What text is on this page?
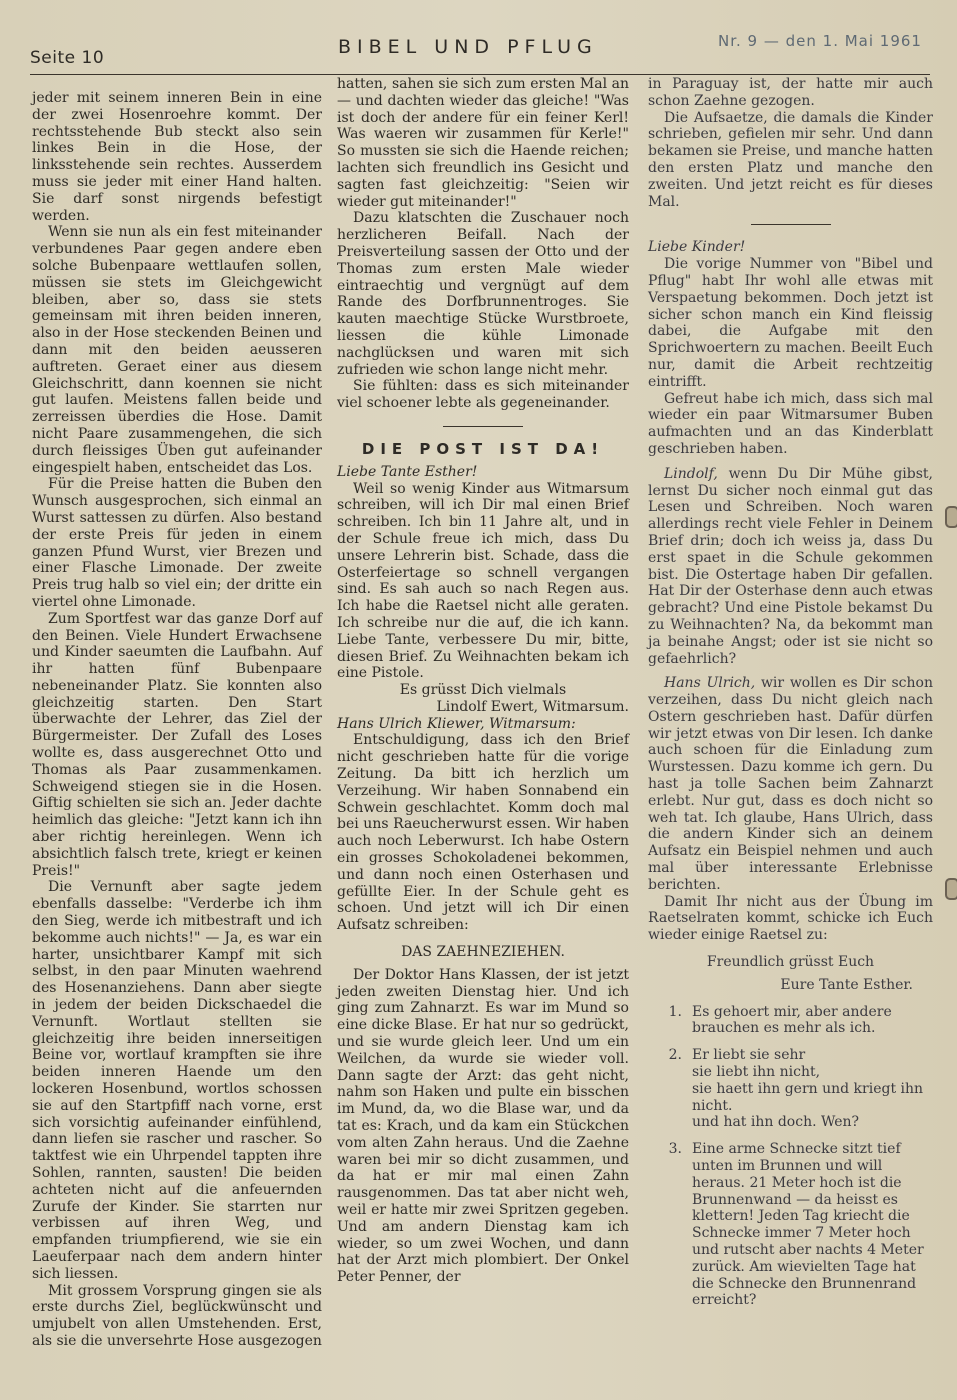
Seite 10	BIBEL UND PFLUG	Nr. 9 — den 1. Mai 1961

jeder mit seinem inneren Bein in eine der zwei Hosenroehre kommt. Der rechtsstehende Bub steckt also sein linkes Bein in die Hose, der linksstehende sein rechtes. Ausserdem muss sie jeder mit einer Hand halten. Sie darf sonst nirgends befestigt werden.

Wenn sie nun als ein fest miteinander verbundenes Paar gegen andere eben solche Bubenpaare wettlaufen sollen, müssen sie stets im Gleichgewicht bleiben, aber so, dass sie stets gemeinsam mit ihren beiden inneren, also in der Hose steckenden Beinen und dann mit den beiden aeusseren auftreten. Geraet einer aus diesem Gleichschritt, dann koennen sie nicht gut laufen. Meistens fallen beide und zerreissen überdies die Hose. Damit nicht Paare zusammengehen, die sich durch fleissiges Üben gut aufeinander eingespielt haben, entscheidet das Los.

Für die Preise hatten die Buben den Wunsch ausgesprochen, sich einmal an Wurst sattessen zu dürfen. Also bestand der erste Preis für jeden in einem ganzen Pfund Wurst, vier Brezen und einer Flasche Limonade. Der zweite Preis trug halb so viel ein; der dritte ein viertel ohne Limonade.

Zum Sportfest war das ganze Dorf auf den Beinen. Viele Hundert Erwachsene und Kinder saeumten die Laufbahn. Auf ihr hatten fünf Bubenpaare nebeneinander Platz. Sie konnten also gleichzeitig starten. Den Start überwachte der Lehrer, das Ziel der Bürgermeister. Der Zufall des Loses wollte es, dass ausgerechnet Otto und Thomas als Paar zusammenkamen. Schweigend stiegen sie in die Hosen. Giftig schielten sie sich an. Jeder dachte heimlich das gleiche: "Jetzt kann ich ihn aber richtig hereinlegen. Wenn ich absichtlich falsch trete, kriegt er keinen Preis!"

Die Vernunft aber sagte jedem ebenfalls dasselbe: "Verderbe ich ihm den Sieg, werde ich mitbestraft und ich bekomme auch nichts!" — Ja, es war ein harter, unsichtbarer Kampf mit sich selbst, in den paar Minuten waehrend des Hosenanziehens. Dann aber siegte in jedem der beiden Dickschaedel die Vernunft. Wortlaut stellten sie gleichzeitig ihre beiden innerseitigen Beine vor, wortlauf krampften sie ihre beiden inneren Haende um den lockeren Hosenbund, wortlos schossen sie auf den Startpfiff nach vorne, erst sich vorsichtig aufeinander einfühlend, dann liefen sie rascher und rascher. So taktfest wie ein Uhrpendel tappten ihre Sohlen, rannten, sausten! Die beiden achteten nicht auf die anfeuernden Zurufe der Kinder. Sie starrten nur verbissen auf ihren Weg, und empfanden triumpfierend, wie sie ein Laeuferpaar nach dem andern hinter sich liessen.

Mit grossem Vorsprung gingen sie als erste durchs Ziel, beglückwünscht und umjubelt von allen Umstehenden. Erst, als sie die unversehrte Hose ausgezogen

hatten, sahen sie sich zum ersten Mal an — und dachten wieder das gleiche! "Was ist doch der andere für ein feiner Kerl! Was waeren wir zusammen für Kerle!" So mussten sie sich die Haende reichen; lachten sich freundlich ins Gesicht und sagten fast gleichzeitig: "Seien wir wieder gut miteinander!"

Dazu klatschten die Zuschauer noch herzlicheren Beifall. Nach der Preisverteilung sassen der Otto und der Thomas zum ersten Male wieder eintraechtig und vergnügt auf dem Rande des Dorfbrunnentroges. Sie kauten maechtige Stücke Wurstbroete, liessen die kühle Limonade nachglücksen und waren mit sich zufrieden wie schon lange nicht mehr.

Sie fühlten: dass es sich miteinander viel schoener lebte als gegeneinander.

DIE POST IST DA!

Liebe Tante Esther!

Weil so wenig Kinder aus Witmarsum schreiben, will ich Dir mal einen Brief schreiben. Ich bin 11 Jahre alt, und in der Schule freue ich mich, dass Du unsere Lehrerin bist. Schade, dass die Osterfeiertage so schnell vergangen sind. Es sah auch so nach Regen aus. Ich habe die Raetsel nicht alle geraten. Ich schreibe nur die auf, die ich kann. Liebe Tante, verbessere Du mir, bitte, diesen Brief. Zu Weihnachten bekam ich eine Pistole.

Es grüsst Dich vielmals

Lindolf Ewert, Witmarsum.

Hans Ulrich Kliewer, Witmarsum:

Entschuldigung, dass ich den Brief nicht geschrieben hatte für die vorige Zeitung. Da bitt ich herzlich um Verzeihung. Wir haben Sonnabend ein Schwein geschlachtet. Komm doch mal bei uns Raeucherwurst essen. Wir haben auch noch Leberwurst. Ich habe Ostern ein grosses Schokoladenei bekommen, und dann noch einen Osterhasen und gefüllte Eier. In der Schule geht es schoen. Und jetzt will ich Dir einen Aufsatz schreiben:

DAS ZAEHNEZIEHEN.

Der Doktor Hans Klassen, der ist jetzt jeden zweiten Dienstag hier. Und ich ging zum Zahnarzt. Es war im Mund so eine dicke Blase. Er hat nur so gedrückt, und sie wurde gleich leer. Und um ein Weilchen, da wurde sie wieder voll. Dann sagte der Arzt: das geht nicht, nahm son Haken und pulte ein bisschen im Mund, da, wo die Blase war, und da tat es: Krach, und da kam ein Stückchen vom alten Zahn heraus. Und die Zaehne waren bei mir so dicht zusammen, und da hat er mir mal einen Zahn rausgenommen. Das tat aber nicht weh, weil er hatte mir zwei Spritzen gegeben. Und am andern Dienstag kam ich wieder, so um zwei Wochen, und dann hat der Arzt mich plombiert. Der Onkel Peter Penner, der

in Paraguay ist, der hatte mir auch schon Zaehne gezogen.

Die Aufsaetze, die damals die Kinder schrieben, gefielen mir sehr. Und dann bekamen sie Preise, und manche hatten den ersten Platz und manche den zweiten. Und jetzt reicht es für dieses Mal.

Liebe Kinder!

Die vorige Nummer von "Bibel und Pflug" habt Ihr wohl alle etwas mit Verspaetung bekommen. Doch jetzt ist sicher schon manch ein Kind fleissig dabei, die Aufgabe mit den Sprichwoertern zu machen. Beeilt Euch nur, damit die Arbeit rechtzeitig eintrifft.

Gefreut habe ich mich, dass sich mal wieder ein paar Witmarsumer Buben aufmachten und an das Kinderblatt geschrieben haben.

Lindolf, wenn Du Dir Mühe gibst, lernst Du sicher noch einmal gut das Lesen und Schreiben. Noch waren allerdings recht viele Fehler in Deinem Brief drin; doch ich weiss ja, dass Du erst spaet in die Schule gekommen bist. Die Ostertage haben Dir gefallen. Hat Dir der Osterhase denn auch etwas gebracht? Und eine Pistole bekamst Du zu Weihnachten? Na, da bekommt man ja beinahe Angst; oder ist sie nicht so gefaehrlich?

Hans Ulrich, wir wollen es Dir schon verzeihen, dass Du nicht gleich nach Ostern geschrieben hast. Dafür dürfen wir jetzt etwas von Dir lesen. Ich danke auch schoen für die Einladung zum Wurstessen. Dazu komme ich gern. Du hast ja tolle Sachen beim Zahnarzt erlebt. Nur gut, dass es doch nicht so weh tat. Ich glaube, Hans Ulrich, dass die andern Kinder sich an deinem Aufsatz ein Beispiel nehmen und auch mal über interessante Erlebnisse berichten.

Damit Ihr nicht aus der Übung im Raetselraten kommt, schicke ich Euch wieder einige Raetsel zu:

Freundlich grüsst Euch

Eure Tante Esther.

1. Es gehoert mir, aber andere brauchen es mehr als ich.

2. Er liebt sie sehr

sie liebt ihn nicht,

sie haett ihn gern und kriegt ihn nicht.

und hat ihn doch. Wen?

3. Eine arme Schnecke sitzt tief unten im Brunnen und will heraus. 21 Meter hoch ist die Brunnenwand — da heisst es klettern! Jeden Tag kriecht die Schnecke immer 7 Meter hoch und rutscht aber nachts 4 Meter zurück. Am wievielten Tage hat die Schnecke den Brunnenrand erreicht?
